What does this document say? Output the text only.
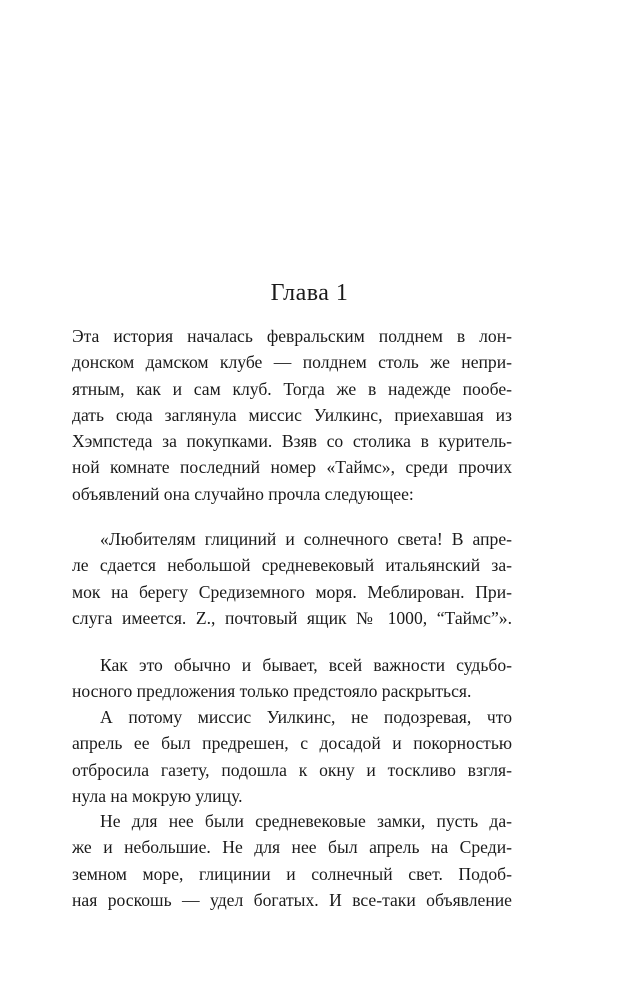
Глава 1
Эта история началась февральским полднем в лон-
донском дамском клубе — полднем столь же непри-
ятным, как и сам клуб. Тогда же в надежде пообе-
дать сюда заглянула миссис Уилкинс, приехавшая из
Хэмпстеда за покупками. Взяв со столика в куритель-
ной комнате последний номер «Таймс», среди прочих
объявлений она случайно прочла следующее:
«Любителям глициний и солнечного света! В апре-
ле сдается небольшой средневековый итальянский за-
мок на берегу Средиземного моря. Меблирован. При-
слуга имеется. Z., почтовый ящик № 1000, “Таймс”».
Как это обычно и бывает, всей важности судьбо-
носного предложения только предстояло раскрыться.
А потому миссис Уилкинс, не подозревая, что
апрель ее был предрешен, с досадой и покорностью
отбросила газету, подошла к окну и тоскливо взгля-
нула на мокрую улицу.
Не для нее были средневековые замки, пусть да-
же и небольшие. Не для нее был апрель на Среди-
земном море, глицинии и солнечный свет. Подоб-
ная роскошь — удел богатых. И все-таки объявление
